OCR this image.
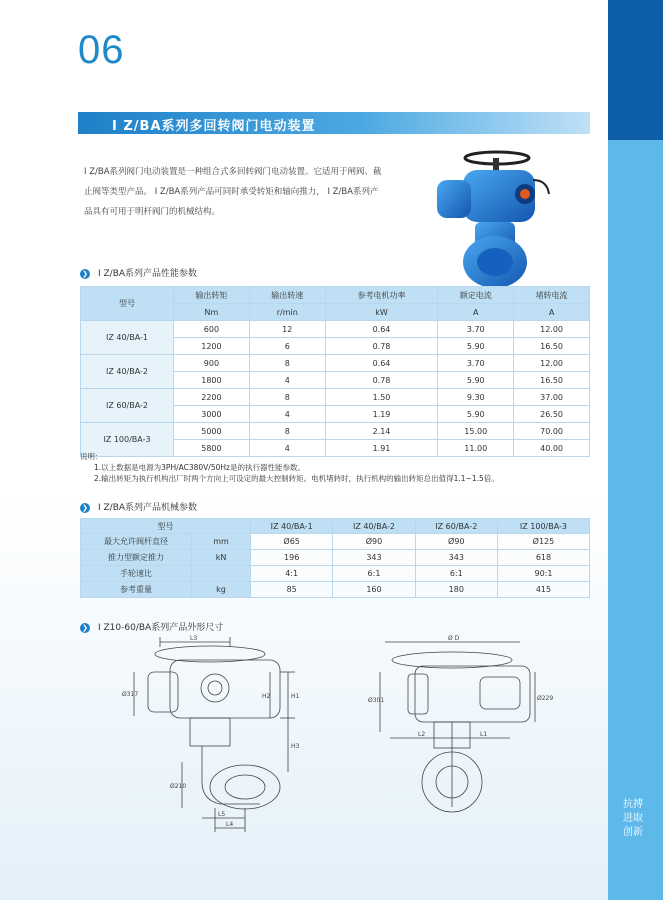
抗搏 进取 创新
06
I Z/BA系列多回转阀门电动装置
I Z/BA系列阀门电动装置是一种组合式多回转阀门电动装置。它适用于闸阀、截止阀等类型产品。 I Z/BA系列产品可同时承受转矩和轴向推力， I Z/BA系列产品具有可用于明杆阀门的机械结构。
❯ I Z/BA系列产品性能参数
型号	输出转矩	输出转速	参考电机功率	额定电流	堵转电流
	Nm	r/min	kW	A	A
IZ 40/BA-1	600	12	0.64	3.70	12.00
	1200	6	0.78	5.90	16.50
IZ 40/BA-2	900	8	0.64	3.70	12.00
	1800	4	0.78	5.90	16.50
IZ 60/BA-2	2200	8	1.50	9.30	37.00
	3000	4	1.19	5.90	26.50
IZ 100/BA-3	5000	8	2.14	15.00	70.00
	5800	4	1.91	11.00	40.00
说明：
1.以上数据是电源为3PH/AC380V/50Hz是的执行器性能参数。
2.输出转矩为执行机构出厂时两个方向上可设定的最大控制转矩。电机堵转时，执行机构的输出转矩总出值得1.1~1.5倍。
❯ I Z/BA系列产品机械参数
型号		IZ 40/BA-1	IZ 40/BA-2	IZ 60/BA-2	IZ 100/BA-3
最大允许阀杆直径	mm	Ø65	Ø90	Ø90	Ø125
推力型额定推力	kN	196	343	343	618
手轮速比		4:1	6:1	6:1	90:1
参考重量	kg	85	160	180	415
❯ I Z10-60/BA系列产品外形尺寸
L3
H2	H1
H3
L4
L5
Ø317
Ø210
Ø D
L2	L1
Ø301	Ø229
